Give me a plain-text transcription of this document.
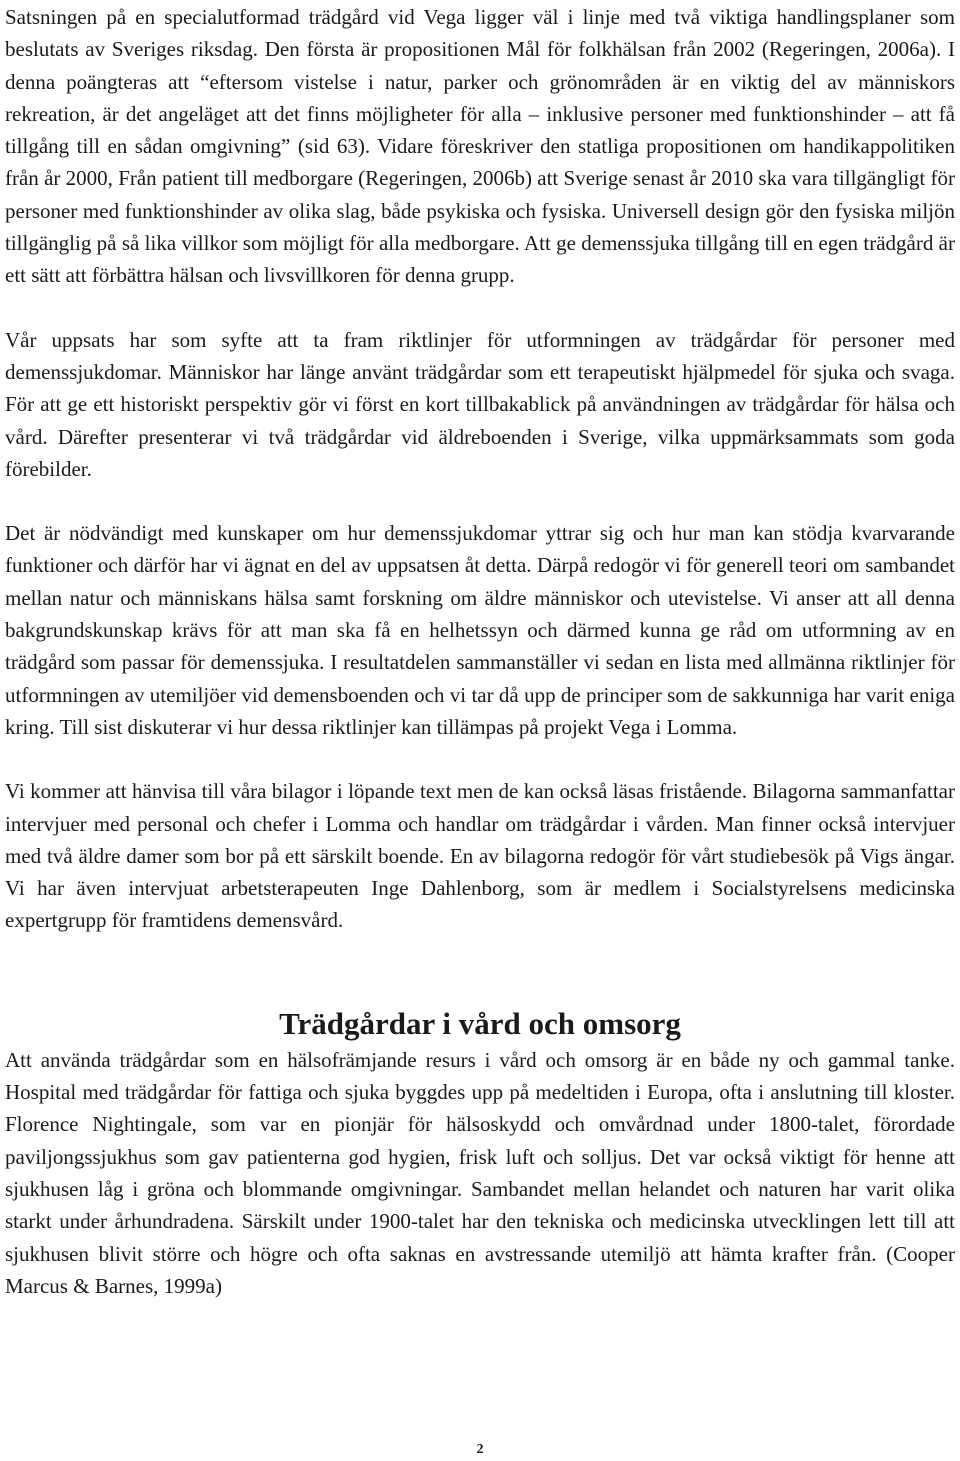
Satsningen på en specialutformad trädgård vid Vega ligger väl i linje med två viktiga handlingsplaner som beslutats av Sveriges riksdag. Den första är propositionen Mål för folkhälsan från 2002 (Regeringen, 2006a). I denna poängteras att “eftersom vistelse i natur, parker och grönområden är en viktig del av människors rekreation, är det angeläget att det finns möjligheter för alla – inklusive personer med funktionshinder – att få tillgång till en sådan omgivning” (sid 63). Vidare föreskriver den statliga propositionen om handikappolitiken från år 2000, Från patient till medborgare (Regeringen, 2006b) att Sverige senast år 2010 ska vara tillgängligt för personer med funktionshinder av olika slag, både psykiska och fysiska. Universell design gör den fysiska miljön tillgänglig på så lika villkor som möjligt för alla medborgare. Att ge demenssjuka tillgång till en egen trädgård är ett sätt att förbättra hälsan och livsvillkoren för denna grupp.

Vår uppsats har som syfte att ta fram riktlinjer för utformningen av trädgårdar för personer med demenssjukdomar. Människor har länge använt trädgårdar som ett terapeutiskt hjälpmedel för sjuka och svaga. För att ge ett historiskt perspektiv gör vi först en kort tillbakablick på användningen av trädgårdar för hälsa och vård. Därefter presenterar vi två trädgårdar vid äldreboenden i Sverige, vilka uppmärksammats som goda förebilder.

Det är nödvändigt med kunskaper om hur demenssjukdomar yttrar sig och hur man kan stödja kvarvarande funktioner och därför har vi ägnat en del av uppsatsen åt detta. Därpå redogör vi för generell teori om sambandet mellan natur och människans hälsa samt forskning om äldre människor och utevistelse. Vi anser att all denna bakgrundskunskap krävs för att man ska få en helhetssyn och därmed kunna ge råd om utformning av en trädgård som passar för demenssjuka. I resultatdelen sammanställer vi sedan en lista med allmänna riktlinjer för utformningen av utemiljöer vid demensboenden och vi tar då upp de principer som de sakkunniga har varit eniga kring. Till sist diskuterar vi hur dessa riktlinjer kan tillämpas på projekt Vega i Lomma.

Vi kommer att hänvisa till våra bilagor i löpande text men de kan också läsas fristående. Bilagorna sammanfattar intervjuer med personal och chefer i Lomma och handlar om trädgårdar i vården. Man finner också intervjuer med två äldre damer som bor på ett särskilt boende. En av bilagorna redogör för vårt studiebesök på Vigs ängar. Vi har även intervjuat arbetsterapeuten Inge Dahlenborg, som är medlem i Socialstyrelsens medicinska expertgrupp för framtidens demensvård.

Trädgårdar i vård och omsorg

Att använda trädgårdar som en hälsofrämjande resurs i vård och omsorg är en både ny och gammal tanke. Hospital med trädgårdar för fattiga och sjuka byggdes upp på medeltiden i Europa, ofta i anslutning till kloster. Florence Nightingale, som var en pionjär för hälsoskydd och omvårdnad under 1800-talet, förordade paviljongssjukhus som gav patienterna god hygien, frisk luft och solljus. Det var också viktigt för henne att sjukhusen låg i gröna och blommande omgivningar. Sambandet mellan helandet och naturen har varit olika starkt under århundradena. Särskilt under 1900-talet har den tekniska och medicinska utvecklingen lett till att sjukhusen blivit större och högre och ofta saknas en avstressande utemiljö att hämta krafter från. (Cooper Marcus & Barnes, 1999a)

2
